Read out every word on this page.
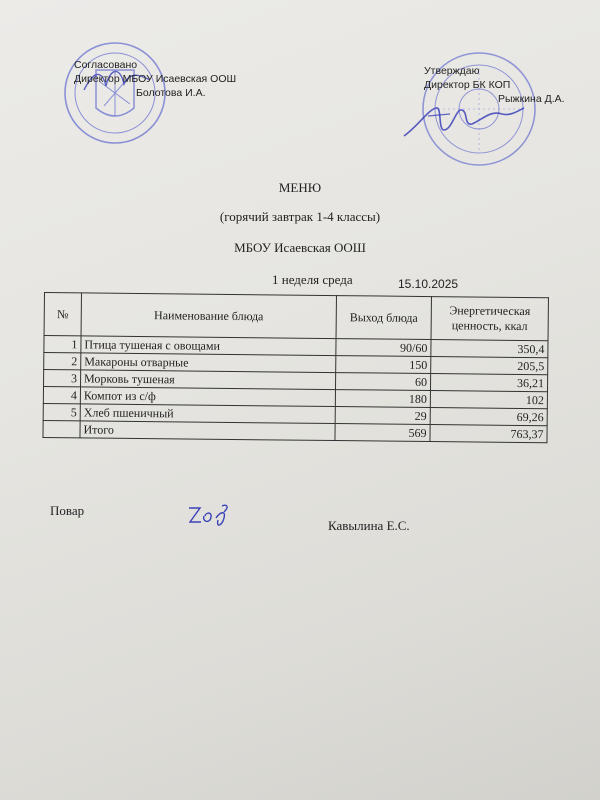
Согласовано
Директор МБОУ Исаевская ООШ
Болотова И.А.
Утверждаю
Директор БК КОП
Рыжкина Д.А.
МЕНЮ
(горячий завтрак 1-4 классы)
МБОУ Исаевская ООШ
1 неделя среда	15.10.2025
№	Наименование блюда	Выход блюда	Энергетическая ценность, ккал
1	Птица тушеная с овощами	90/60	350,4
2	Макароны отварные	150	205,5
3	Морковь тушеная	60	36,21
4	Компот из с/ф	180	102
5	Хлеб пшеничный	29	69,26
	Итого	569	763,37
Повар
Кавылина Е.С.
